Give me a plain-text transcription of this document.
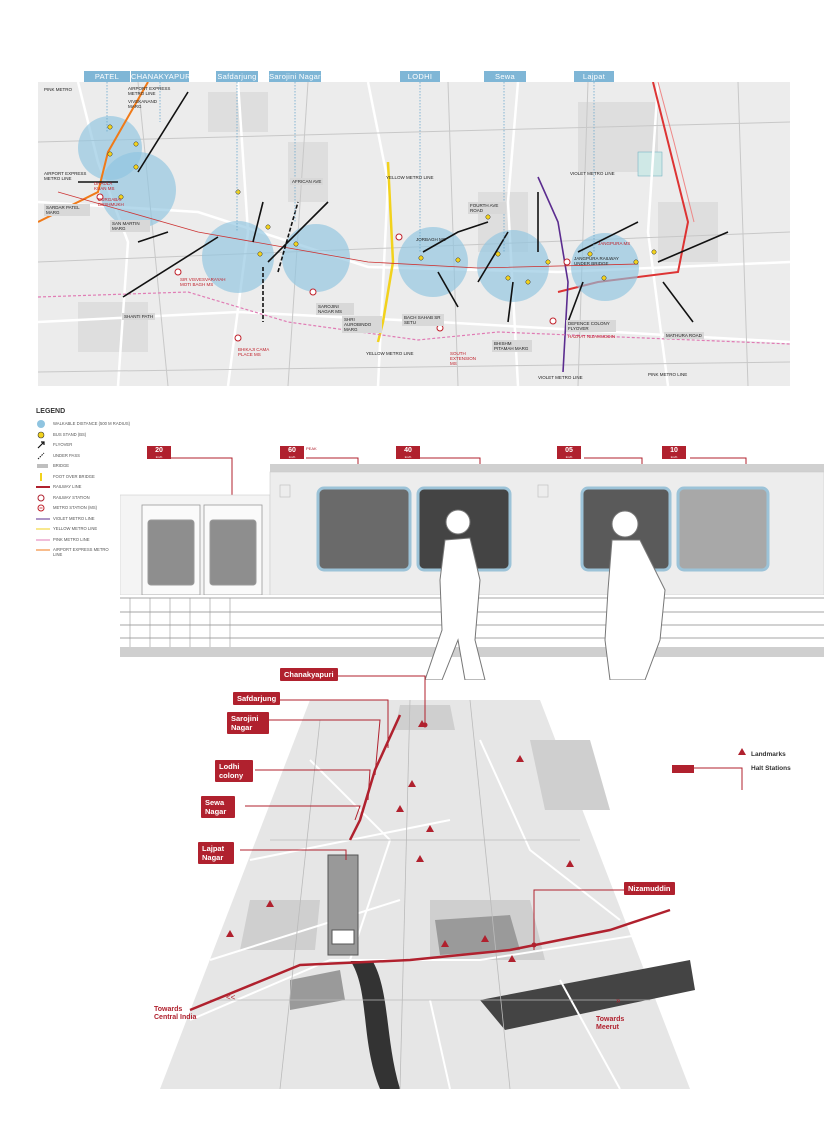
PATEL	CHANAKYAPURI	Safdarjung Sarojini Nagar	LODHI	Sewa	Lajpat
PINK METRO	AIRPORT EXPRESS METRO LINE
VIVEKANAND MARG
AIRPORT EXPRESS METRO LINE
DHAULA KUAN MS
DURGABAI DESHMUKH
SARDAR PATEL MARG
SAN MARTIN MARG
AFRICAN AVE
YELLOW METRO LINE
JORBAGH MS
FOURTH AVE ROAD
VIOLET METRO LINE
JANGPURA RAILWAY UNDER BRIDGE
JANGPURA MS
SIR VISVESVARAYAH MOTI BAGH MS
SHANTI PATH
SAROJINI NAGAR MS
SHRI AUROBINDO MARG
BACH SAHAB SR SETU
YELLOW METRO LINE	SOUTH EXTENSION MS
BHISHM PITAMAH MARG
DEFENCE COLONY FLYOVER
HAZRAT NIZAMUDDIN	MATHURA ROAD
VIOLET METRO LINE
PINK METRO LINE
BHIKAJI CAMA PLACE MS
LEGEND
WALKABLE DISTANCE (500 M RADIUS)
BUS STAND (BS)
FLYOVER
UNDER PASS
BRIDGE
FOOT OVER BRIDGE
RAILWAY LINE
RAILWAY STATION
METRO STATION (MS)
VIOLET METRO LINE
YELLOW METRO LINE
PINK METRO LINE
AIRPORT EXPRESS METRO LINE
20
km/h
60
km/h
PEAK	40
km/h
05
km/h
10
km/h
<<	»
Chanakyapuri
Safdarjung
Sarojini Nagar
Lodhi colony
Sewa Nagar
Lajpat Nagar
Nizamuddin
Landmarks
Halt Stations
Towards Central India	Towards Meerut
